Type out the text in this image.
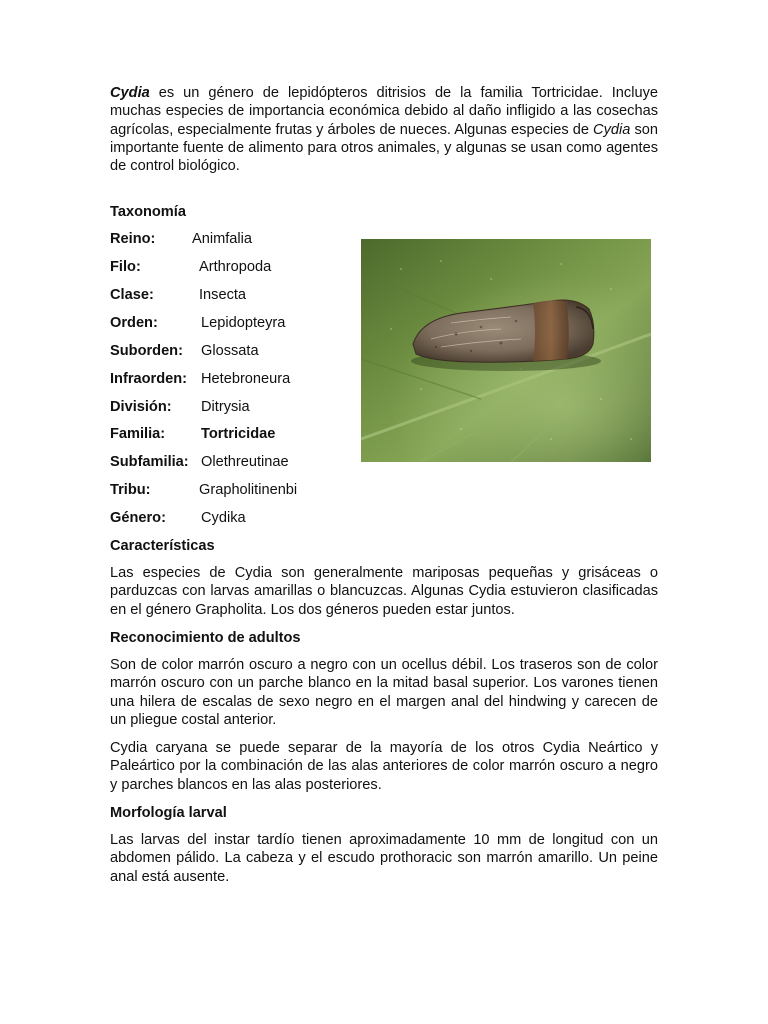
Cydia es un género de lepidópteros ditrisios de la familia Tortricidae. Incluye muchas especies de importancia económica debido al daño infligido a las cosechas agrícolas, especialmente frutas y árboles de nueces. Algunas especies de Cydia son importante fuente de alimento para otros animales, y algunas se usan como agentes de control biológico.

Taxonomía
Reino:	Animfalia
Filo:	Arthropoda
Clase:	Insecta
Orden:	Lepidopteyra
Suborden: Glossata
Infraorden: Hetebroneura
División: Ditrysia
Familia: Tortricidae
Subfamilia: Olethreutinae
Tribu:	Grapholitinenbi
Género: Cydika
Características

Las especies de Cydia son generalmente mariposas pequeñas y grisáceas o parduzcas con larvas amarillas o blancuzcas. Algunas Cydia estuvieron clasificadas en el género Grapholita. Los dos géneros pueden estar juntos.

Reconocimiento de adultos

Son de color marrón oscuro a negro con un ocellus débil. Los traseros son de color marrón oscuro con un parche blanco en la mitad basal superior. Los varones tienen una hilera de escalas de sexo negro en el margen anal del hindwing y carecen de un pliegue costal anterior.

Cydia caryana se puede separar de la mayoría de los otros Cydia Neártico y Paleártico por la combinación de las alas anteriores de color marrón oscuro a negro y parches blancos en las alas posteriores.

Morfología larval

Las larvas del instar tardío tienen aproximadamente 10 mm de longitud con un abdomen pálido. La cabeza y el escudo prothoracic son marrón amarillo. Un peine anal está ausente.
